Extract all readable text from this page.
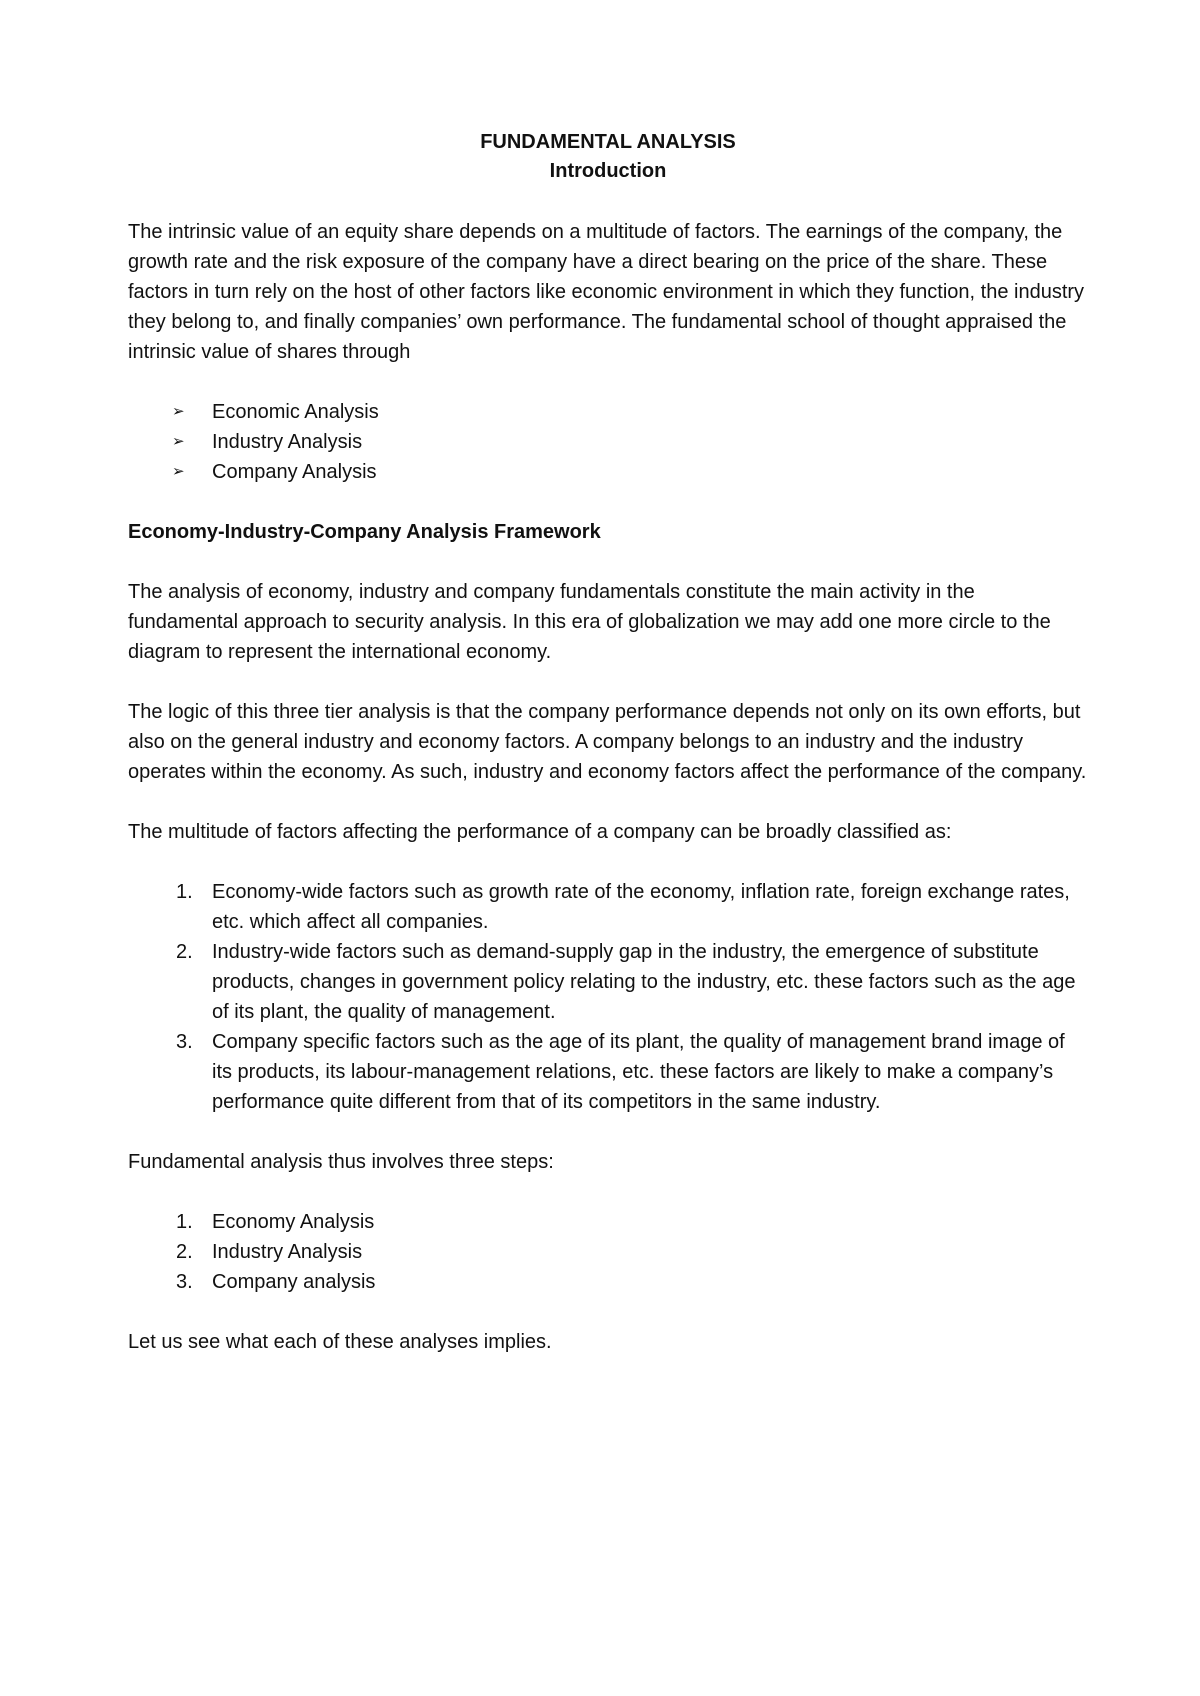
FUNDAMENTAL ANALYSIS
Introduction

The intrinsic value of an equity share depends on a multitude of factors. The earnings of the company, the growth rate and the risk exposure of the company have a direct bearing on the price of the share. These factors in turn rely on the host of other factors like economic environment in which they function, the industry they belong to, and finally companies’ own performance. The fundamental school of thought appraised the intrinsic value of shares through

➢ Economic Analysis
➢ Industry Analysis
➢ Company Analysis
Economy-Industry-Company Analysis Framework

The analysis of economy, industry and company fundamentals constitute the main activity in the fundamental approach to security analysis. In this era of globalization we may add one more circle to the diagram to represent the international economy.

The logic of this three tier analysis is that the company performance depends not only on its own efforts, but also on the general industry and economy factors. A company belongs to an industry and the industry operates within the economy. As such, industry and economy factors affect the performance of the company.

The multitude of factors affecting the performance of a company can be broadly classified as:

1. Economy-wide factors such as growth rate of the economy, inflation rate, foreign exchange rates, etc. which affect all companies.
2. Industry-wide factors such as demand-supply gap in the industry, the emergence of substitute products, changes in government policy relating to the industry, etc. these factors such as the age of its plant, the quality of management.
3. Company specific factors such as the age of its plant, the quality of management brand image of its products, its labour-management relations, etc. these factors are likely to make a company’s performance quite different from that of its competitors in the same industry.

Fundamental analysis thus involves three steps:

1. Economy Analysis
2. Industry Analysis
3. Company analysis

Let us see what each of these analyses implies.
